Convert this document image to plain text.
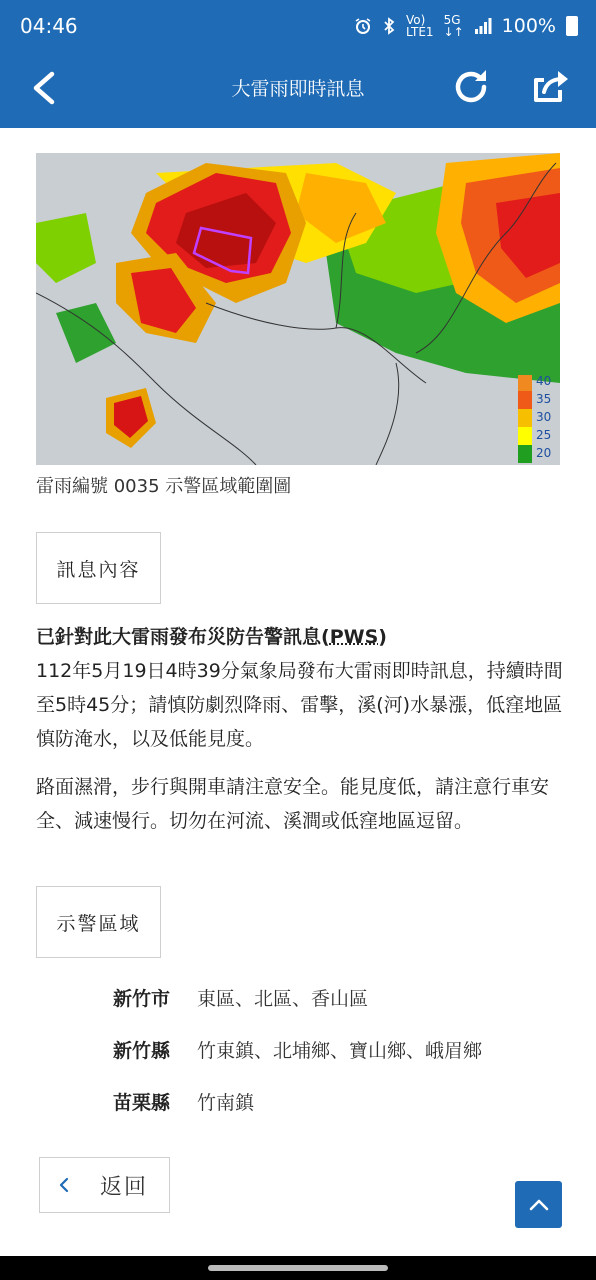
04:46	Vo)
LTE1
5G
↓↑ 100%
大雷雨即時訊息
40
35
30
25
20
雷雨編號 0035 示警區域範圍圖
訊息內容
已針對此大雷雨發布災防告警訊息(PWS)

112年5月19日4時39分氣象局發布大雷雨即時訊息，持續時間至5時45分；請慎防劇烈降雨、雷擊，溪(河)水暴漲，低窪地區慎防淹水，以及低能見度。

路面濕滑，步行與開車請注意安全。能見度低，請注意行車安全、減速慢行。切勿在河流、溪澗或低窪地區逗留。

示警區域
新竹市	東區、北區、香山區
新竹縣	竹東鎮、北埔鄉、寶山鄉、峨眉鄉
苗栗縣	竹南鎮
返回
